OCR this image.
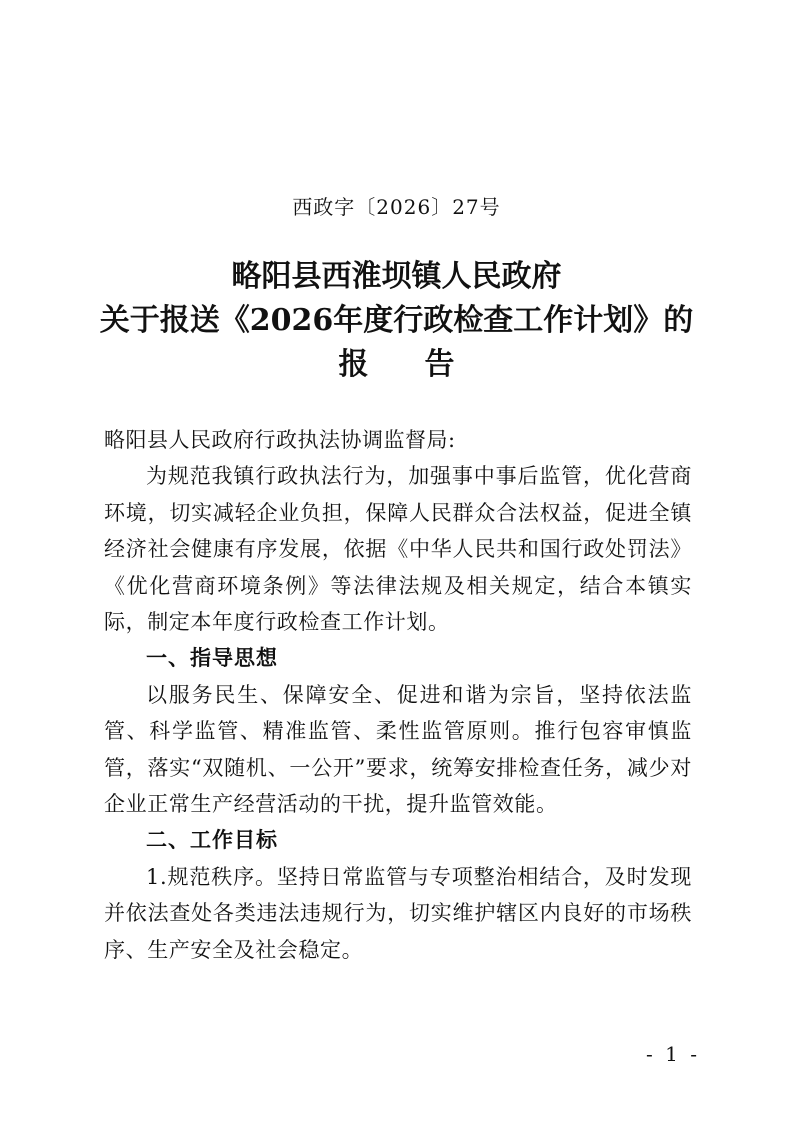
西政字〔2026〕27号
略阳县西淮坝镇人民政府
关于报送《2026年度行政检查工作计划》的
报告

略阳县人民政府行政执法协调监督局:

为规范我镇行政执法行为，加强事中事后监管，优化营商环境，切实减轻企业负担，保障人民群众合法权益，促进全镇经济社会健康有序发展，依据《中华人民共和国行政处罚法》《优化营商环境条例》等法律法规及相关规定，结合本镇实际，制定本年度行政检查工作计划。

一、指导思想

以服务民生、保障安全、促进和谐为宗旨，坚持依法监管、科学监管、精准监管、柔性监管原则。推行包容审慎监管，落实“双随机、一公开”要求，统筹安排检查任务，减少对企业正常生产经营活动的干扰，提升监管效能。

二、工作目标

1.规范秩序。坚持日常监管与专项整治相结合，及时发现并依法查处各类违法违规行为，切实维护辖区内良好的市场秩序、生产安全及社会稳定。

- 1 -
